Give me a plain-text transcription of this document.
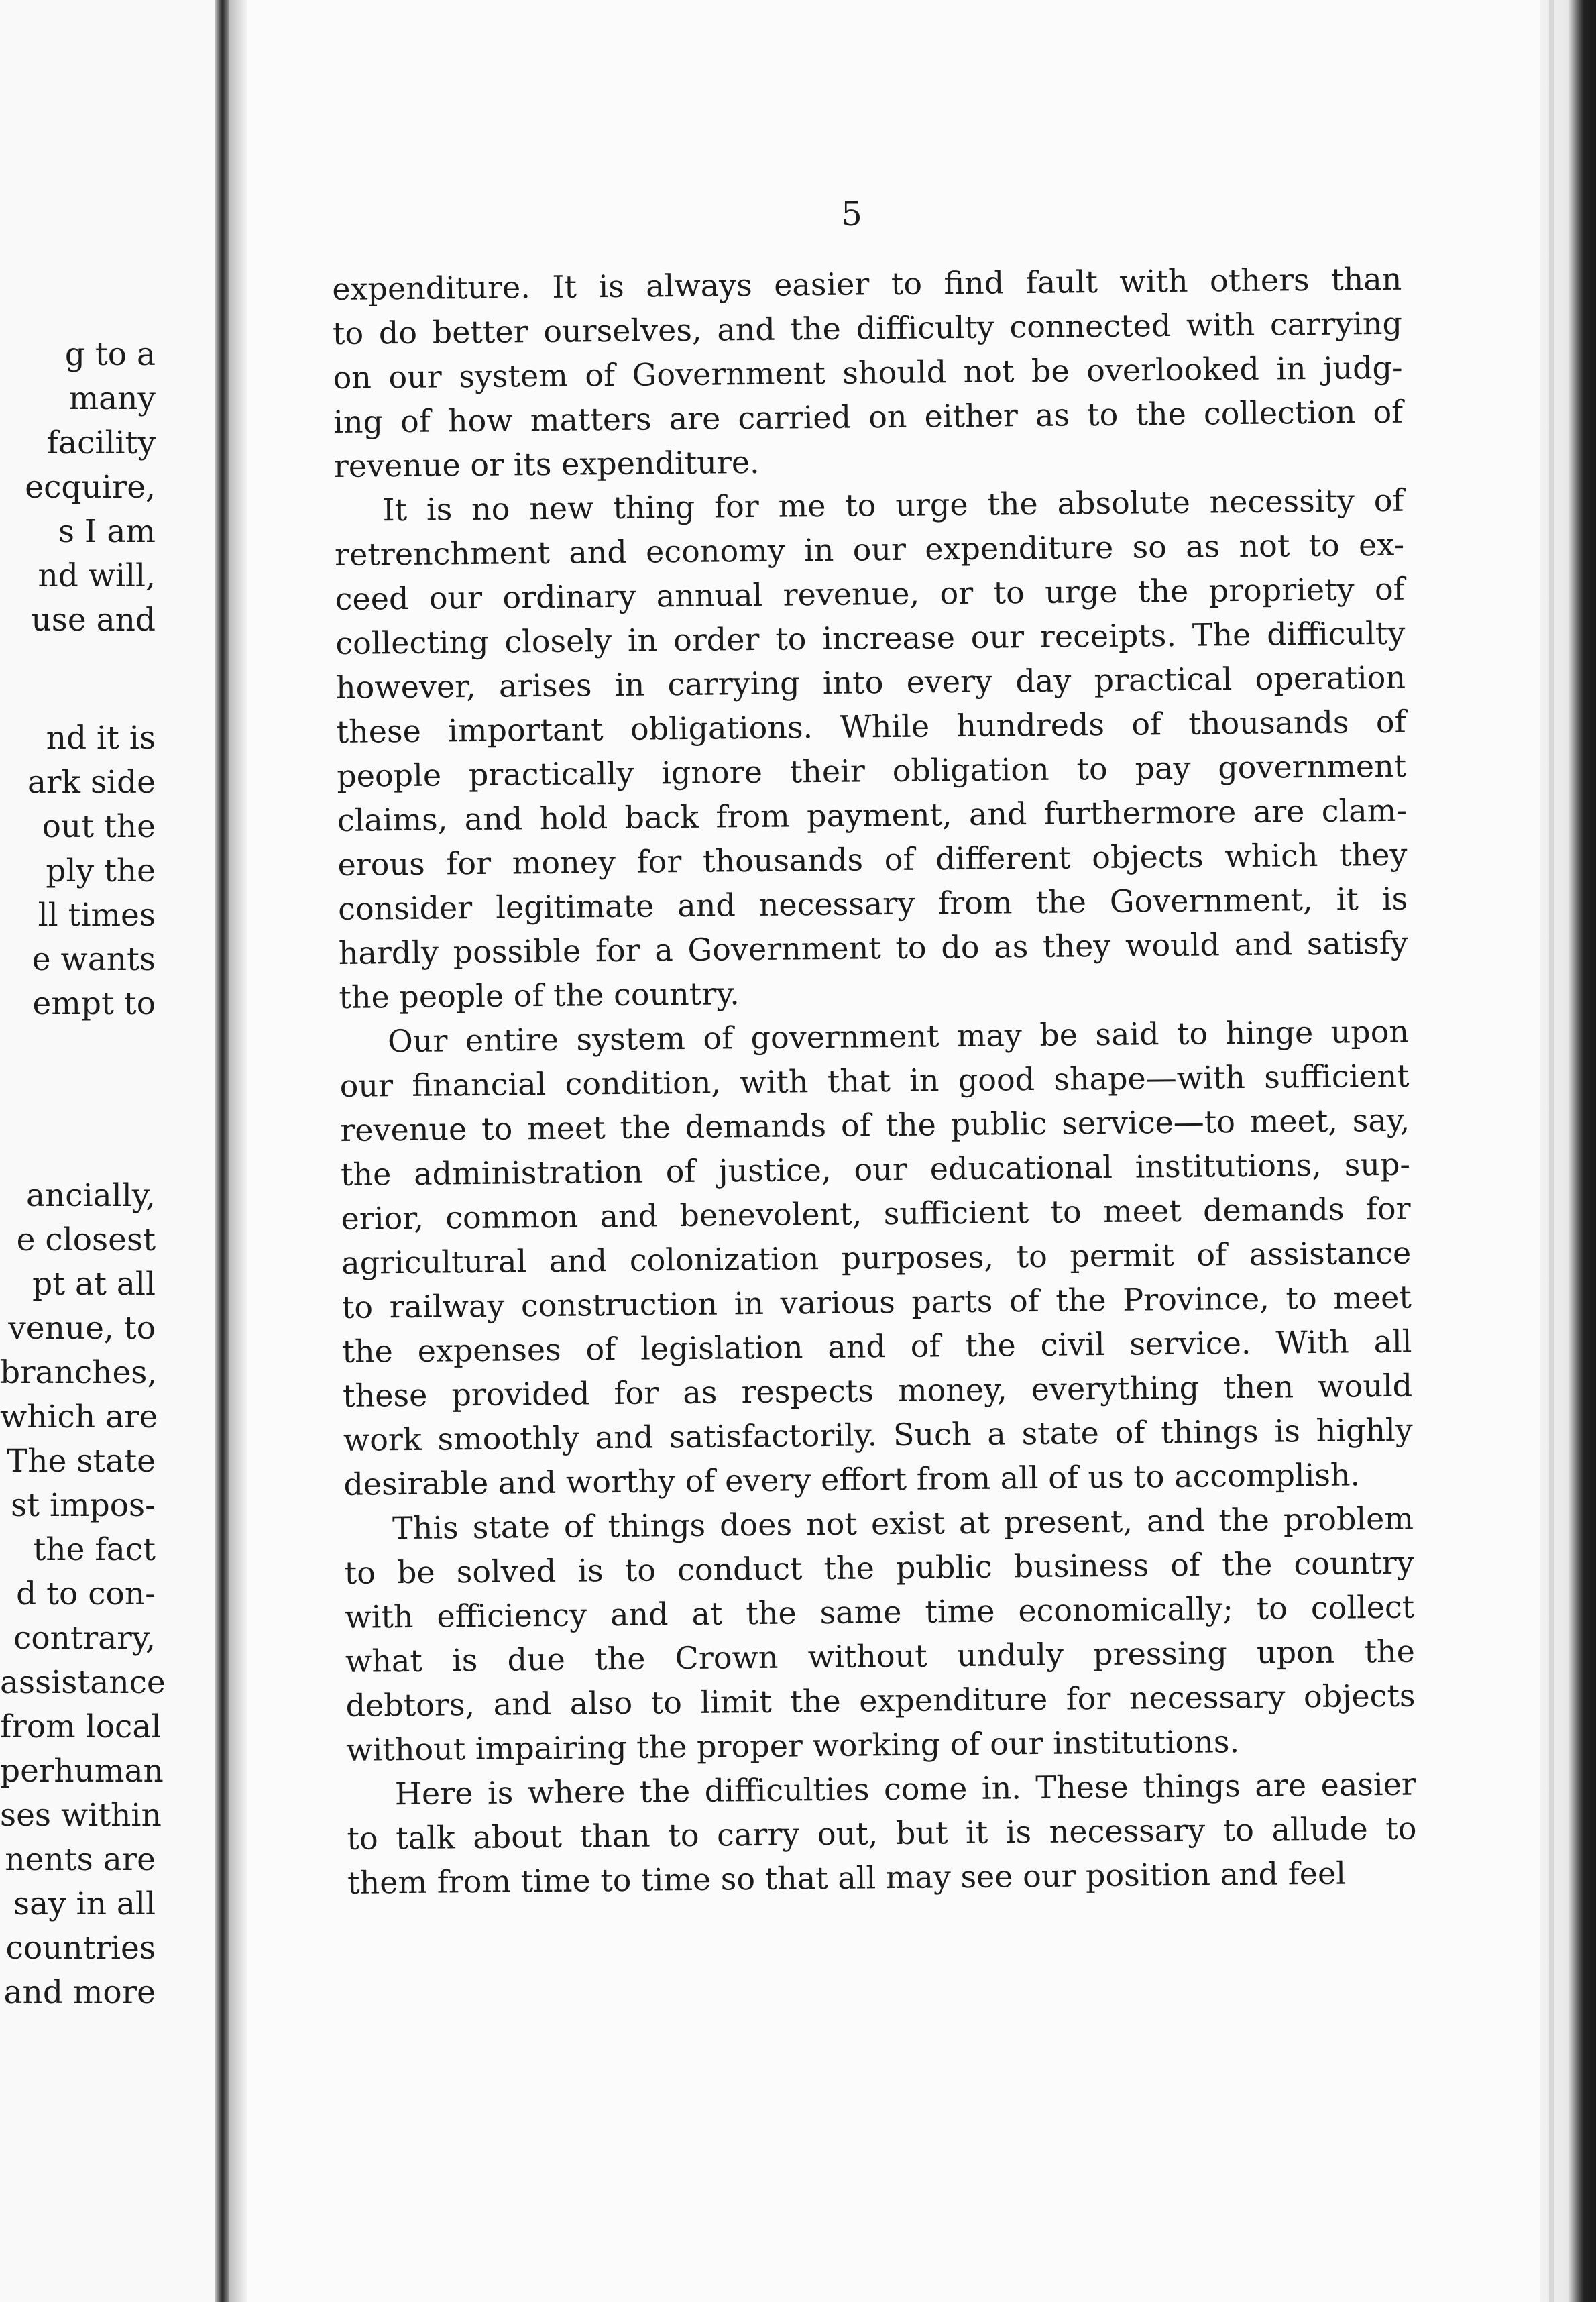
g to a
many
facility
ecquire,
s I am
nd will,
use and
nd it is
ark side
out the
ply the
ll times
e wants
empt to
ancially,
e closest
pt at all
venue, to
branches,
which are
The state
st impos-
the fact
d to con-
contrary,
assistance
from local
perhuman
ses within
nents are
say in all
countries
and more
5
expenditure. It is always easier to find fault with others than
to do better ourselves, and the difficulty connected with carrying
on our system of Government should not be overlooked in judg-
ing of how matters are carried on either as to the collection of
revenue or its expenditure.
It is no new thing for me to urge the absolute necessity of
retrenchment and economy in our expenditure so as not to ex-
ceed our ordinary annual revenue, or to urge the propriety of
collecting closely in order to increase our receipts. The difficulty
however, arises in carrying into every day practical operation
these important obligations. While hundreds of thousands of
people practically ignore their obligation to pay government
claims, and hold back from payment, and furthermore are clam-
erous for money for thousands of different objects which they
consider legitimate and necessary from the Government, it is
hardly possible for a Government to do as they would and satisfy
the people of the country.
Our entire system of government may be said to hinge upon
our financial condition, with that in good shape—with sufficient
revenue to meet the demands of the public service—to meet, say,
the administration of justice, our educational institutions, sup-
erior, common and benevolent, sufficient to meet demands for
agricultural and colonization purposes, to permit of assistance
to railway construction in various parts of the Province, to meet
the expenses of legislation and of the civil service. With all
these provided for as respects money, everything then would
work smoothly and satisfactorily. Such a state of things is highly
desirable and worthy of every effort from all of us to accomplish.
This state of things does not exist at present, and the problem
to be solved is to conduct the public business of the country
with efficiency and at the same time economically; to collect
what is due the Crown without unduly pressing upon the
debtors, and also to limit the expenditure for necessary objects
without impairing the proper working of our institutions.
Here is where the difficulties come in. These things are easier
to talk about than to carry out, but it is necessary to allude to
them from time to time so that all may see our position and feel
